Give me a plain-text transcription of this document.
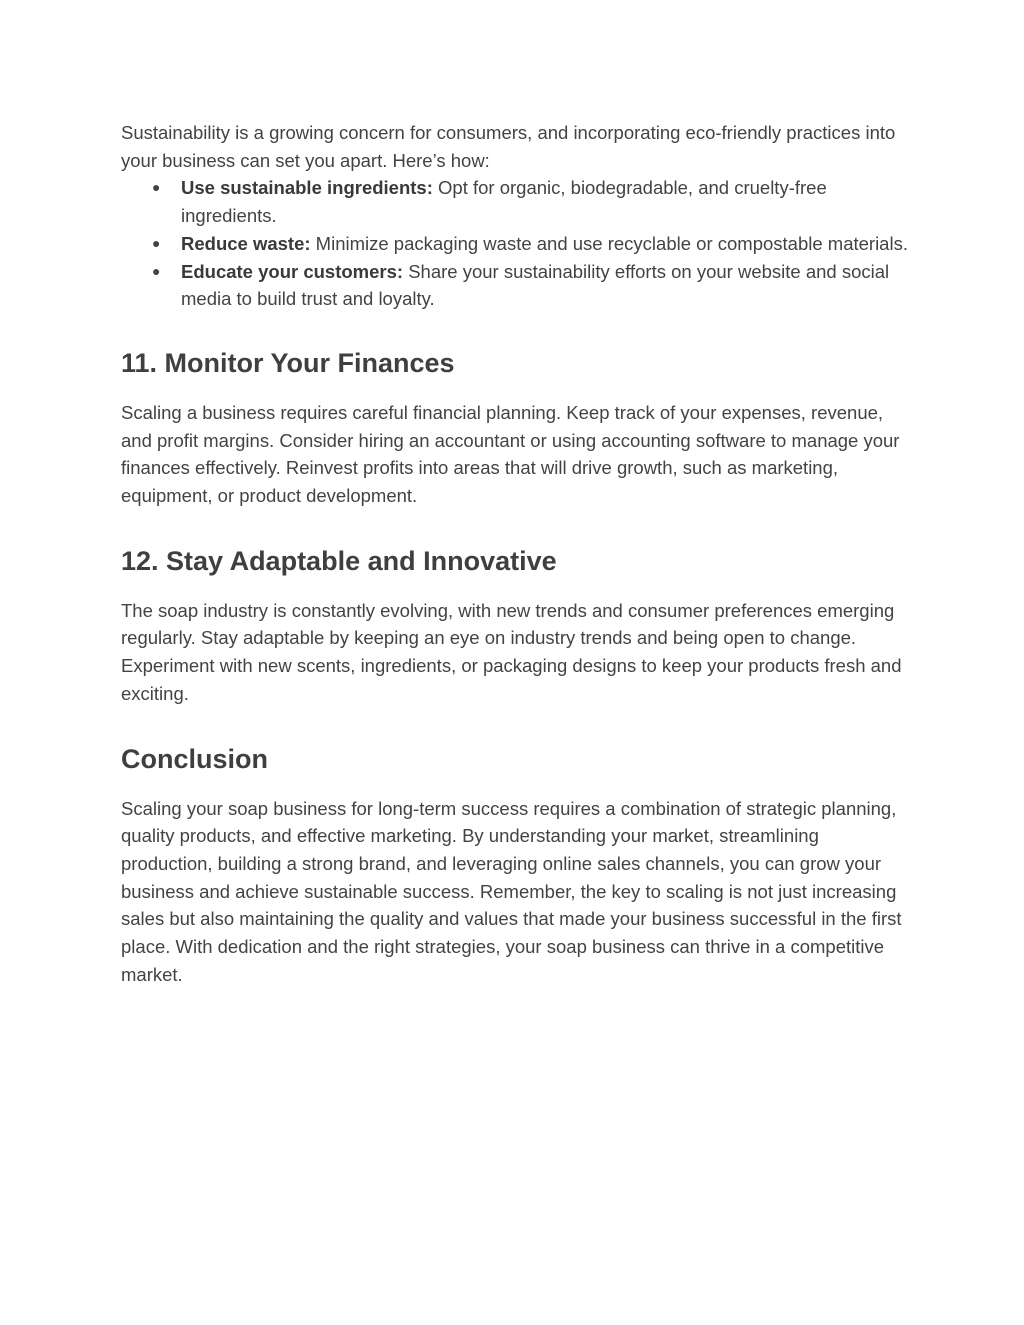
Sustainability is a growing concern for consumers, and incorporating eco-friendly practices into your business can set you apart. Here’s how:

● Use sustainable ingredients: Opt for organic, biodegradable, and cruelty-free ingredients.
● Reduce waste: Minimize packaging waste and use recyclable or compostable materials.
● Educate your customers: Share your sustainability efforts on your website and social media to build trust and loyalty.
11. Monitor Your Finances

Scaling a business requires careful financial planning. Keep track of your expenses, revenue, and profit margins. Consider hiring an accountant or using accounting software to manage your finances effectively. Reinvest profits into areas that will drive growth, such as marketing, equipment, or product development.

12. Stay Adaptable and Innovative

The soap industry is constantly evolving, with new trends and consumer preferences emerging regularly. Stay adaptable by keeping an eye on industry trends and being open to change. Experiment with new scents, ingredients, or packaging designs to keep your products fresh and exciting.

Conclusion

Scaling your soap business for long-term success requires a combination of strategic planning, quality products, and effective marketing. By understanding your market, streamlining production, building a strong brand, and leveraging online sales channels, you can grow your business and achieve sustainable success. Remember, the key to scaling is not just increasing sales but also maintaining the quality and values that made your business successful in the first place. With dedication and the right strategies, your soap business can thrive in a competitive market.
